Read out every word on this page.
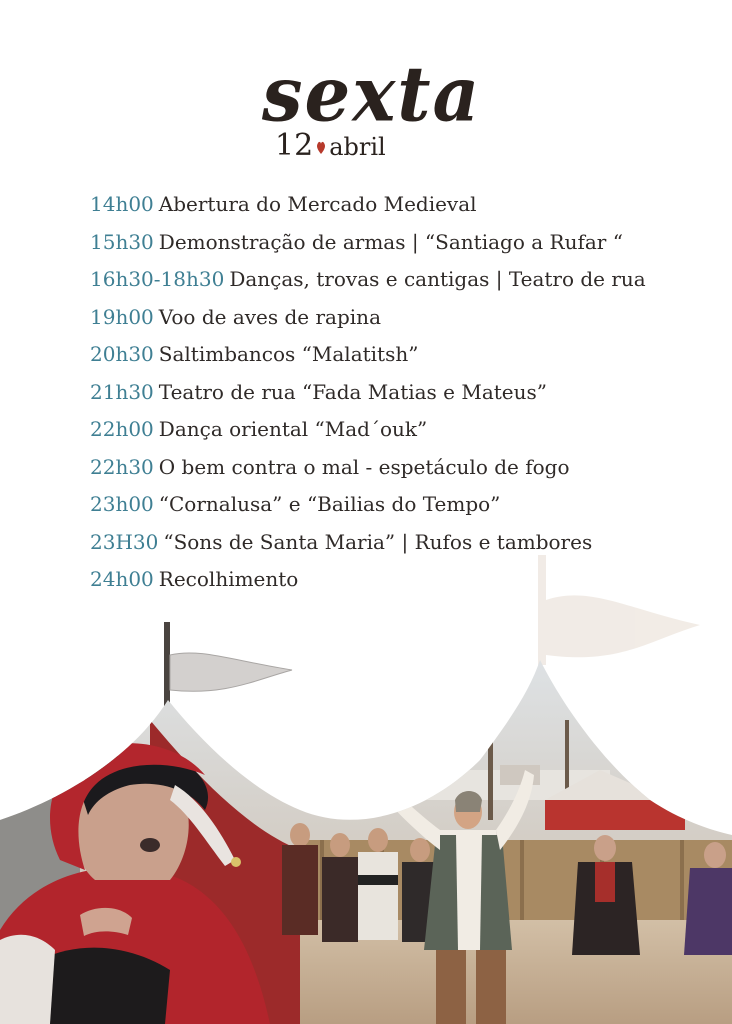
sexta
12 abril
14h00 Abertura do Mercado Medieval
15h30 Demonstração de armas | “Santiago a Rufar “
16h30-18h30 Danças, trovas e cantigas | Teatro de rua
19h00 Voo de aves de rapina
20h30 Saltimbancos “Malatitsh”
21h30 Teatro de rua “Fada Matias e Mateus”
22h00 Dança oriental “Mad´ouk”
22h30 O bem contra o mal - espetáculo de fogo
23h00 “Cornalusa” e “Bailias do Tempo”
23H30 “Sons de Santa Maria” | Rufos e tambores
24h00 Recolhimento
